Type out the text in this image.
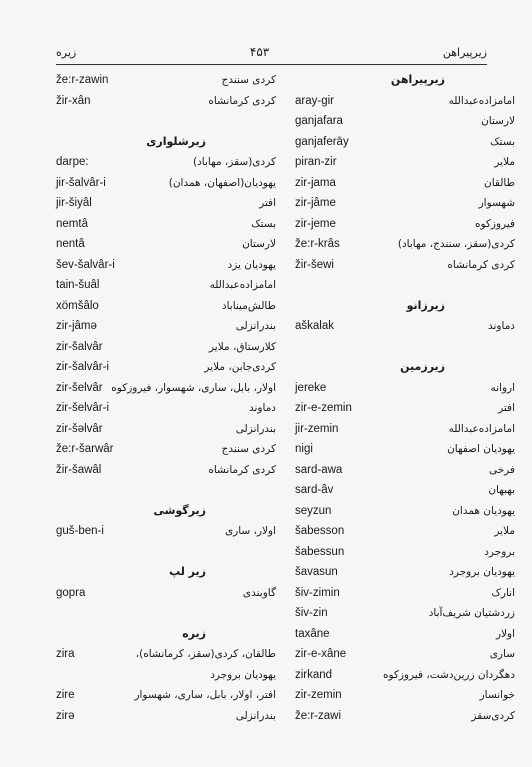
زیره	۴۵۳	زیرپیراهن
že:r-zawin	کردی سنندج
žir-xân	کردی کرمانشاه
زیرشلواری
darpe:	کردی(سقز، مهاباد)
jir-šalvâr-i	یهودیان(اصفهان، همدان)
jir-šiyâl	افتر
nemtâ	بستک
nentâ	لارستان
šev-šalvâr-i	یهودیان یزد
tain-šuâl	امامزاده‌عبدالله
xömšâlo	طالش‌میناباد
zir-jâmə	بندرانزلی
zir-šalvâr	کلارستاق، ملایر
zir-šalvâr-i	کردی‌جابن، ملایر
zir-šelvâr اولار، بابل، ساری، شهسوار، فیروزکوه
zir-šelvâr-i	دماوند
zir-šəlvâr	بندرانزلی
že:r-šarwâr	کردی سنندج
žir-šawâl	کردی کرمانشاه
زیرگوشی
guš-ben-i	اولار، ساری
زیر لپ
gopra	گاوبندی
زیره
zira	طالقان، کردی(سقز، کرمانشاه)،
یهودیان بروجرد
zire	افتر، اولار، بابل، ساری، شهسوار
zirə	بندرانزلی
زیرپیراهن
aray-gir	امامزاده‌عبدالله
ganjafara	لارستان
ganjaferāy	بستک
piran-zir	ملایر
zir-jama	طالقان
zir-jâme	شهسوار
zir-jeme	فیروزکوه
že:r-krâs	کردی(سقز، سنندج، مهاباد)
žir-šewi	کردی کرمانشاه
زیرزانو
aškalak	دماوند
زیرزمین
jereke	اروانه
zir-e-zemin	افتر
jir-zemin	امامزاده‌عبدالله
nigi	یهودیان اصفهان
sard-awa	فرخی
sard-âv	بهبهان
seyzun	یهودیان همدان
šabesson	ملایر
šabessun	بروجرد
šavasun	یهودیان بروجرد
šiv-zimin	انارک
šiv-zin	زردشتیان شریف‌آباد
taxâne	اولار
zir-e-xâne	ساری
zirkand	دهگردان زرین‌دشت، فیروزکوه
zir-zemin	خوانسار
že:r-zawi	کردی‌سقز
